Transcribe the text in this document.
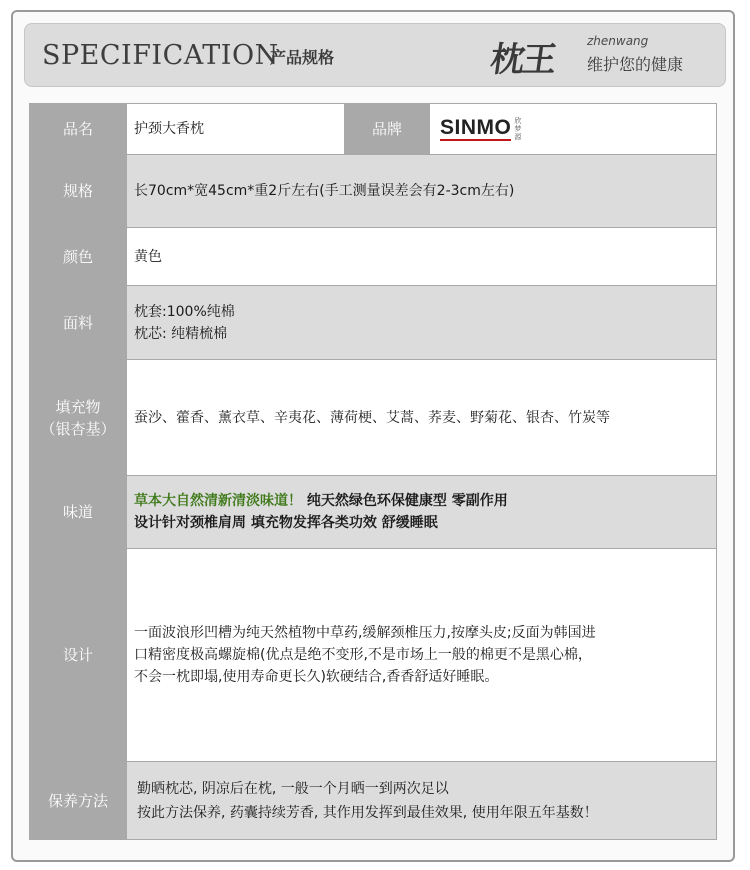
SPECIFICATION
产品规格	枕王 zhenwang
维护您的健康
品名	护颈大香枕	品牌	SINMO 欣
梦
源

规格	长70cm*宽45cm*重2斤左右(手工测量误差会有2-3cm左右)		
颜色	黄色		
面料	枕套:100%纯棉
枕芯: 纯精梳棉		

填充物
（银杏基）	蚕沙、藿香、薰衣草、辛夷花、薄荷梗、艾蒿、荞麦、野菊花、银杏、竹炭等		
味道	草本大自然清新清淡味道！ 纯天然绿色环保健康型 零副作用
设计针对颈椎肩周 填充物发挥各类功效 舒缓睡眠		

设计	一面波浪形凹槽为纯天然植物中草药,缓解颈椎压力,按摩头皮;反面为韩国进
口精密度极高螺旋棉(优点是绝不变形,不是市场上一般的棉更不是黑心棉，
不会一枕即塌,使用寿命更长久)软硬结合,香香舒适好睡眠。		

保养方法	勤晒枕芯, 阴凉后在枕, 一般一个月晒一到两次足以
按此方法保养, 药囊持续芳香, 其作用发挥到最佳效果, 使用年限五年基数！		
